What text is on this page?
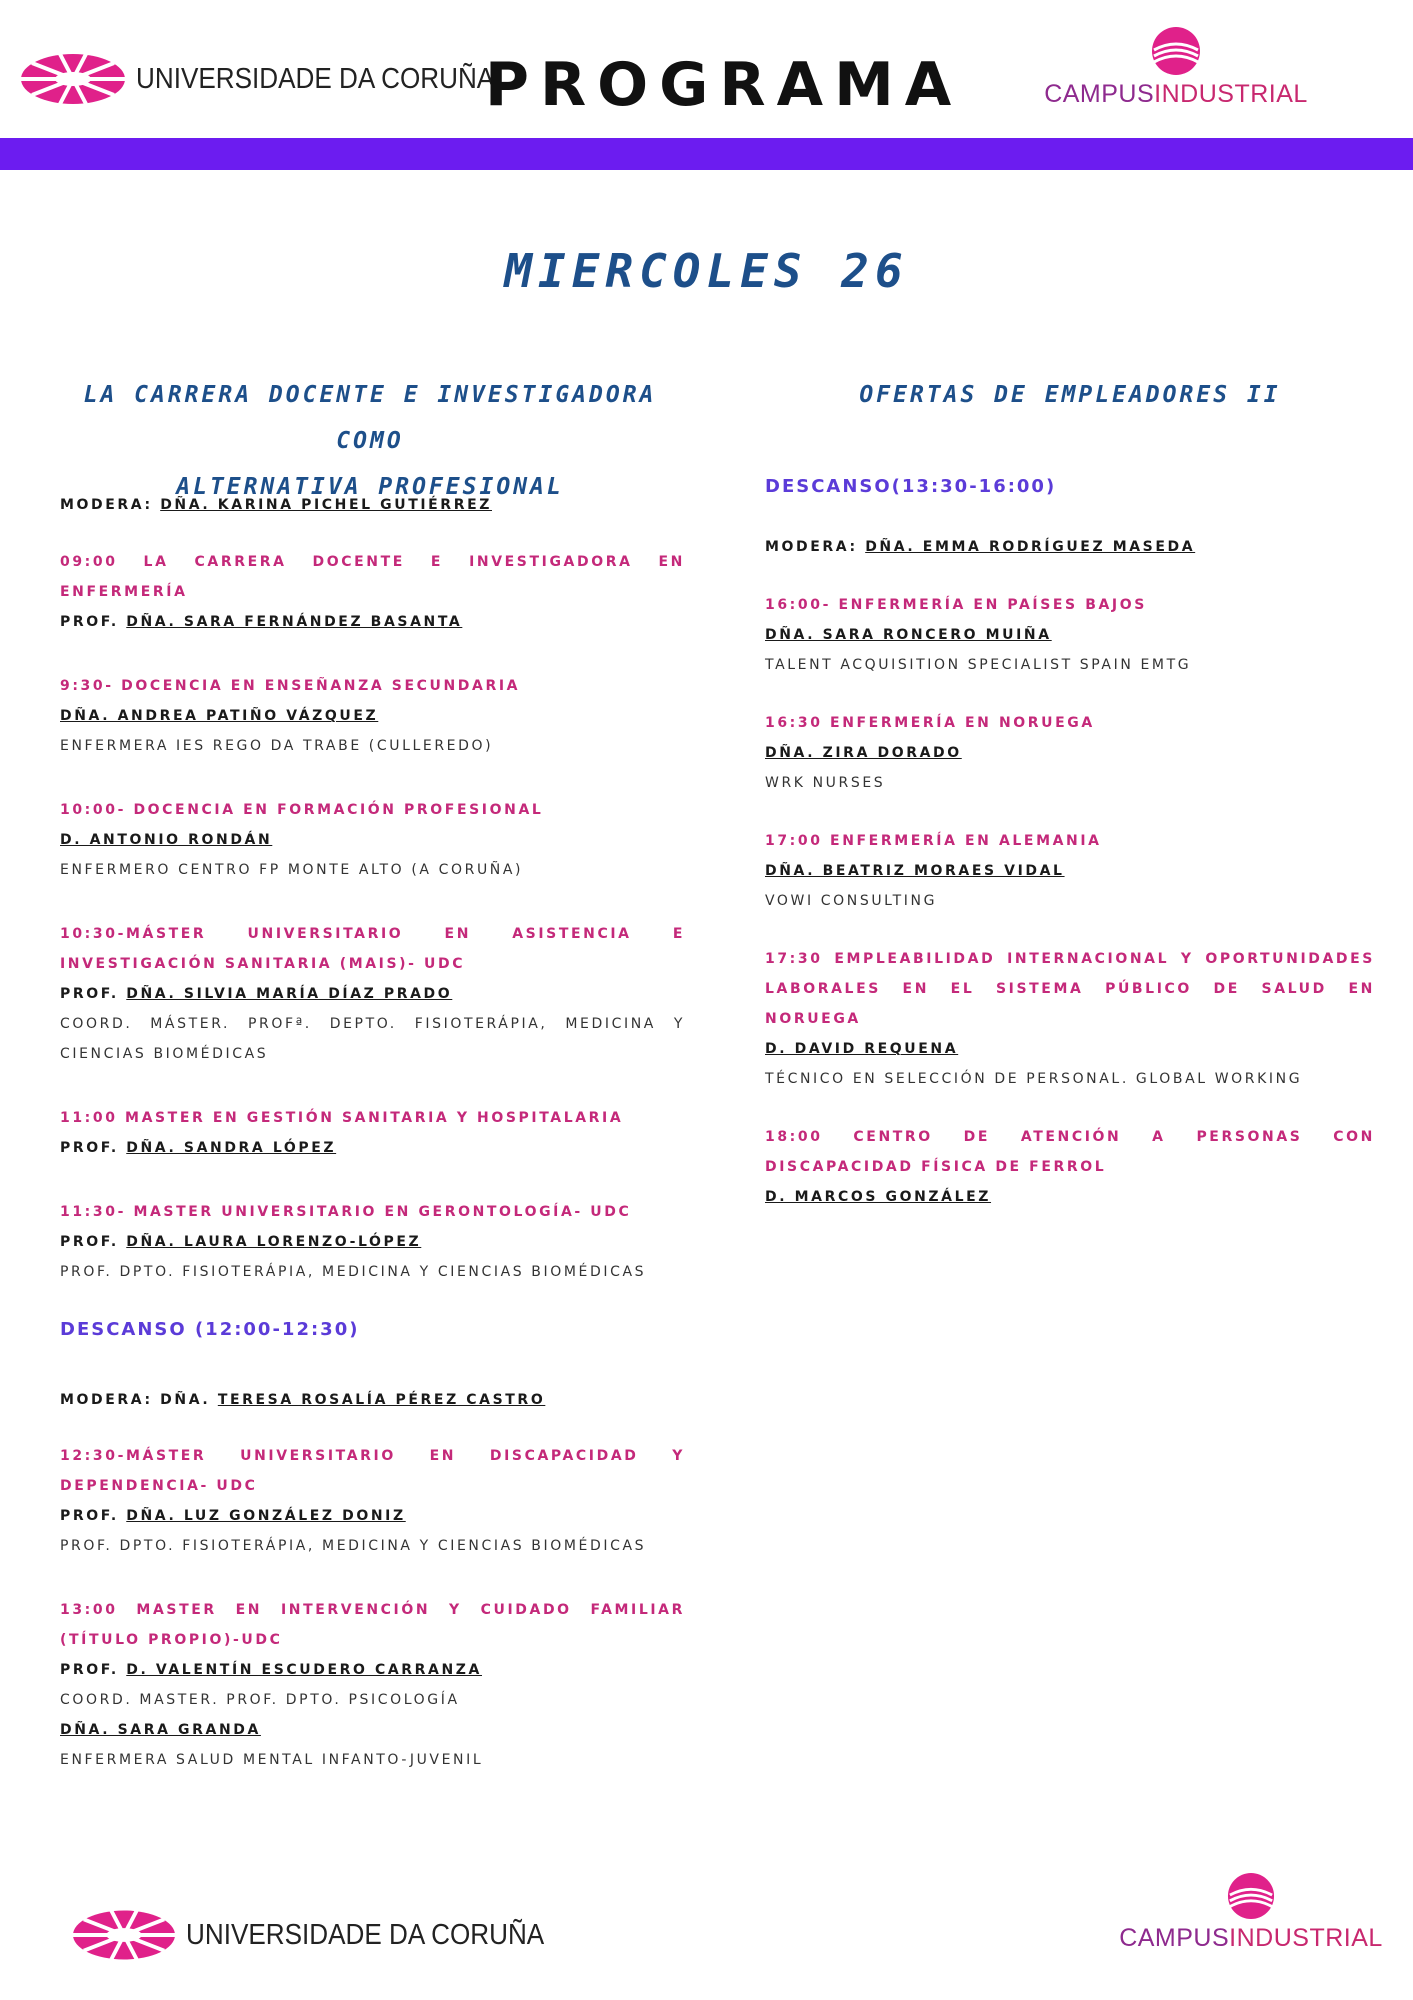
UNIVERSIDADE DA CORUÑA
PROGRAMA	CAMPUSINDUSTRIAL
MIERCOLES 26
LA CARRERA DOCENTE E INVESTIGADORA COMO
ALTERNATIVA PROFESIONAL
OFERTAS DE EMPLEADORES II
MODERA: DÑA. KARINA PICHEL GUTIÉRREZ
09:00 LA CARRERA DOCENTE E INVESTIGADORA EN ENFERMERÍA
PROF. DÑA. SARA FERNÁNDEZ BASANTA
9:30- DOCENCIA EN ENSEÑANZA SECUNDARIA
DÑA. ANDREA PATIÑO VÁZQUEZ
ENFERMERA IES REGO DA TRABE (CULLEREDO)
10:00- DOCENCIA EN FORMACIÓN PROFESIONAL
D. ANTONIO RONDÁN
ENFERMERO CENTRO FP MONTE ALTO (A CORUÑA)
10:30-MÁSTER UNIVERSITARIO EN ASISTENCIA E INVESTIGACIÓN SANITARIA (MAIS)- UDC
PROF. DÑA. SILVIA MARÍA DÍAZ PRADO
COORD. MÁSTER. PROFª. DEPTO. FISIOTERÁPIA, MEDICINA Y CIENCIAS BIOMÉDICAS
11:00 MASTER EN GESTIÓN SANITARIA Y HOSPITALARIA
PROF. DÑA. SANDRA LÓPEZ
11:30- MASTER UNIVERSITARIO EN GERONTOLOGÍA- UDC
PROF. DÑA. LAURA LORENZO-LÓPEZ
PROF. DPTO. FISIOTERÁPIA, MEDICINA Y CIENCIAS BIOMÉDICAS
DESCANSO (12:00-12:30)
MODERA: DÑA. TERESA ROSALÍA PÉREZ CASTRO
12:30-MÁSTER UNIVERSITARIO EN DISCAPACIDAD Y DEPENDENCIA- UDC
PROF. DÑA. LUZ GONZÁLEZ DONIZ
PROF. DPTO. FISIOTERÁPIA, MEDICINA Y CIENCIAS BIOMÉDICAS
13:00 MASTER EN INTERVENCIÓN Y CUIDADO FAMILIAR (TÍTULO PROPIO)-UDC
PROF. D. VALENTÍN ESCUDERO CARRANZA
COORD. MASTER. PROF. DPTO. PSICOLOGÍA
DÑA. SARA GRANDA
ENFERMERA SALUD MENTAL INFANTO-JUVENIL
DESCANSO(13:30-16:00)
MODERA: DÑA. EMMA RODRÍGUEZ MASEDA
16:00- ENFERMERÍA EN PAÍSES BAJOS
DÑA. SARA RONCERO MUIÑA
TALENT ACQUISITION SPECIALIST SPAIN EMTG
16:30 ENFERMERÍA EN NORUEGA
DÑA. ZIRA DORADO
WRK NURSES
17:00 ENFERMERÍA EN ALEMANIA
DÑA. BEATRIZ MORAES VIDAL
VOWI CONSULTING
17:30 EMPLEABILIDAD INTERNACIONAL Y OPORTUNIDADES LABORALES EN EL SISTEMA PÚBLICO DE SALUD EN NORUEGA
D. DAVID REQUENA
TÉCNICO EN SELECCIÓN DE PERSONAL. GLOBAL WORKING
18:00 CENTRO DE ATENCIÓN A PERSONAS CON DISCAPACIDAD FÍSICA DE FERROL
D. MARCOS GONZÁLEZ
UNIVERSIDADE DA CORUÑA	CAMPUSINDUSTRIAL
